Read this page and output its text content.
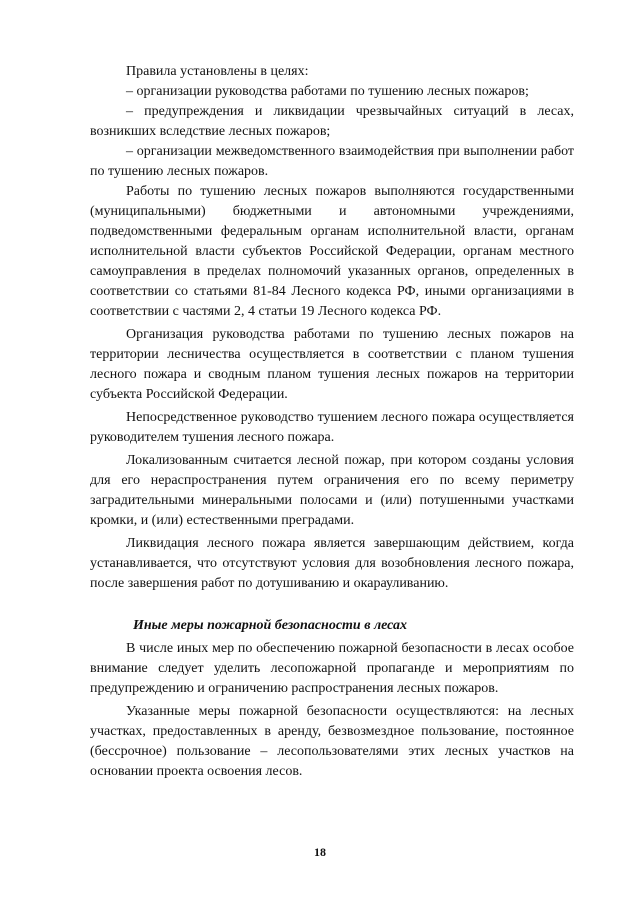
Правила установлены в целях:

– организации руководства работами по тушению лесных пожаров;

– предупреждения и ликвидации чрезвычайных ситуаций в лесах, возникших вследствие лесных пожаров;

– организации межведомственного взаимодействия при выполнении работ по тушению лесных пожаров.

Работы по тушению лесных пожаров выполняются государственными (муниципальными) бюджетными и автономными учреждениями, подведомственными федеральным органам исполнительной власти, органам исполнительной власти субъектов Российской Федерации, органам местного самоуправления в пределах полномочий указанных органов, определенных в соответствии со статьями 81-84 Лесного кодекса РФ, иными организациями в соответствии с частями 2, 4 статьи 19 Лесного кодекса РФ.

Организация руководства работами по тушению лесных пожаров на территории лесничества осуществляется в соответствии с планом тушения лесного пожара и сводным планом тушения лесных пожаров на территории субъекта Российской Федерации.

Непосредственное руководство тушением лесного пожара осуществляется руководителем тушения лесного пожара.

Локализованным считается лесной пожар, при котором созданы условия для его нераспространения путем ограничения его по всему периметру заградительными минеральными полосами и (или) потушенными участками кромки, и (или) естественными преградами.

Ликвидация лесного пожара является завершающим действием, когда устанавливается, что отсутствуют условия для возобновления лесного пожара, после завершения работ по дотушиванию и окарауливанию.

Иные меры пожарной безопасности в лесах

В числе иных мер по обеспечению пожарной безопасности в лесах особое внимание следует уделить лесопожарной пропаганде и мероприятиям по предупреждению и ограничению распространения лесных пожаров.

Указанные меры пожарной безопасности осуществляются: на лесных участках, предоставленных в аренду, безвозмездное пользование, постоянное (бессрочное) пользование – лесопользователями этих лесных участков на основании проекта освоения лесов.

18
